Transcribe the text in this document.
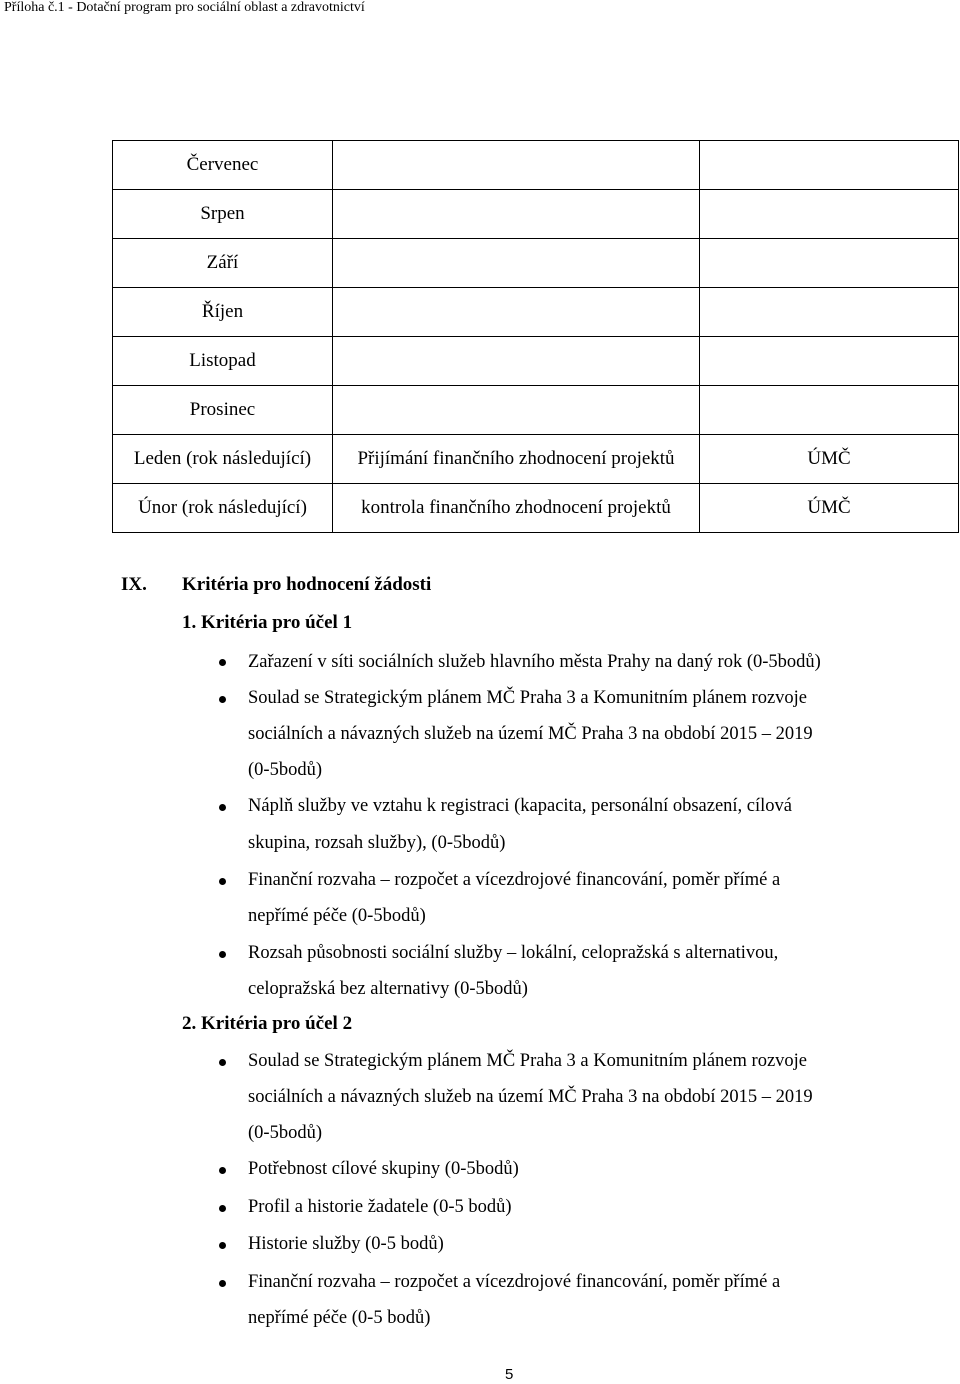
Příloha č.1 - Dotační program pro sociální oblast a zdravotnictví
Červenec		
Srpen		
Září		
Říjen		
Listopad		
Prosinec		
Leden (rok následující)	Přijímání finančního zhodnocení projektů	ÚMČ
Únor (rok následující)	kontrola finančního zhodnocení projektů	ÚMČ
IX. Kritéria pro hodnocení žádosti
1. Kritéria pro účel 1
Zařazení v síti sociálních služeb hlavního města Prahy na daný rok (0-5bodů)
Soulad se Strategickým plánem MČ Praha 3 a Komunitním plánem rozvoje
sociálních a návazných služeb na území MČ Praha 3 na období 2015 – 2019
(0-5bodů)
Náplň služby ve vztahu k registraci (kapacita, personální obsazení, cílová
skupina, rozsah služby), (0-5bodů)
Finanční rozvaha – rozpočet a vícezdrojové financování, poměr přímé a
nepřímé péče (0-5bodů)
Rozsah působnosti sociální služby – lokální, celopražská s alternativou,
celopražská bez alternativy (0-5bodů)
2. Kritéria pro účel 2
Soulad se Strategickým plánem MČ Praha 3 a Komunitním plánem rozvoje
sociálních a návazných služeb na území MČ Praha 3 na období 2015 – 2019
(0-5bodů)
Potřebnost cílové skupiny (0-5bodů)
Profil a historie žadatele (0-5 bodů)
Historie služby (0-5 bodů)
Finanční rozvaha – rozpočet a vícezdrojové financování, poměr přímé a
nepřímé péče (0-5 bodů)
5
